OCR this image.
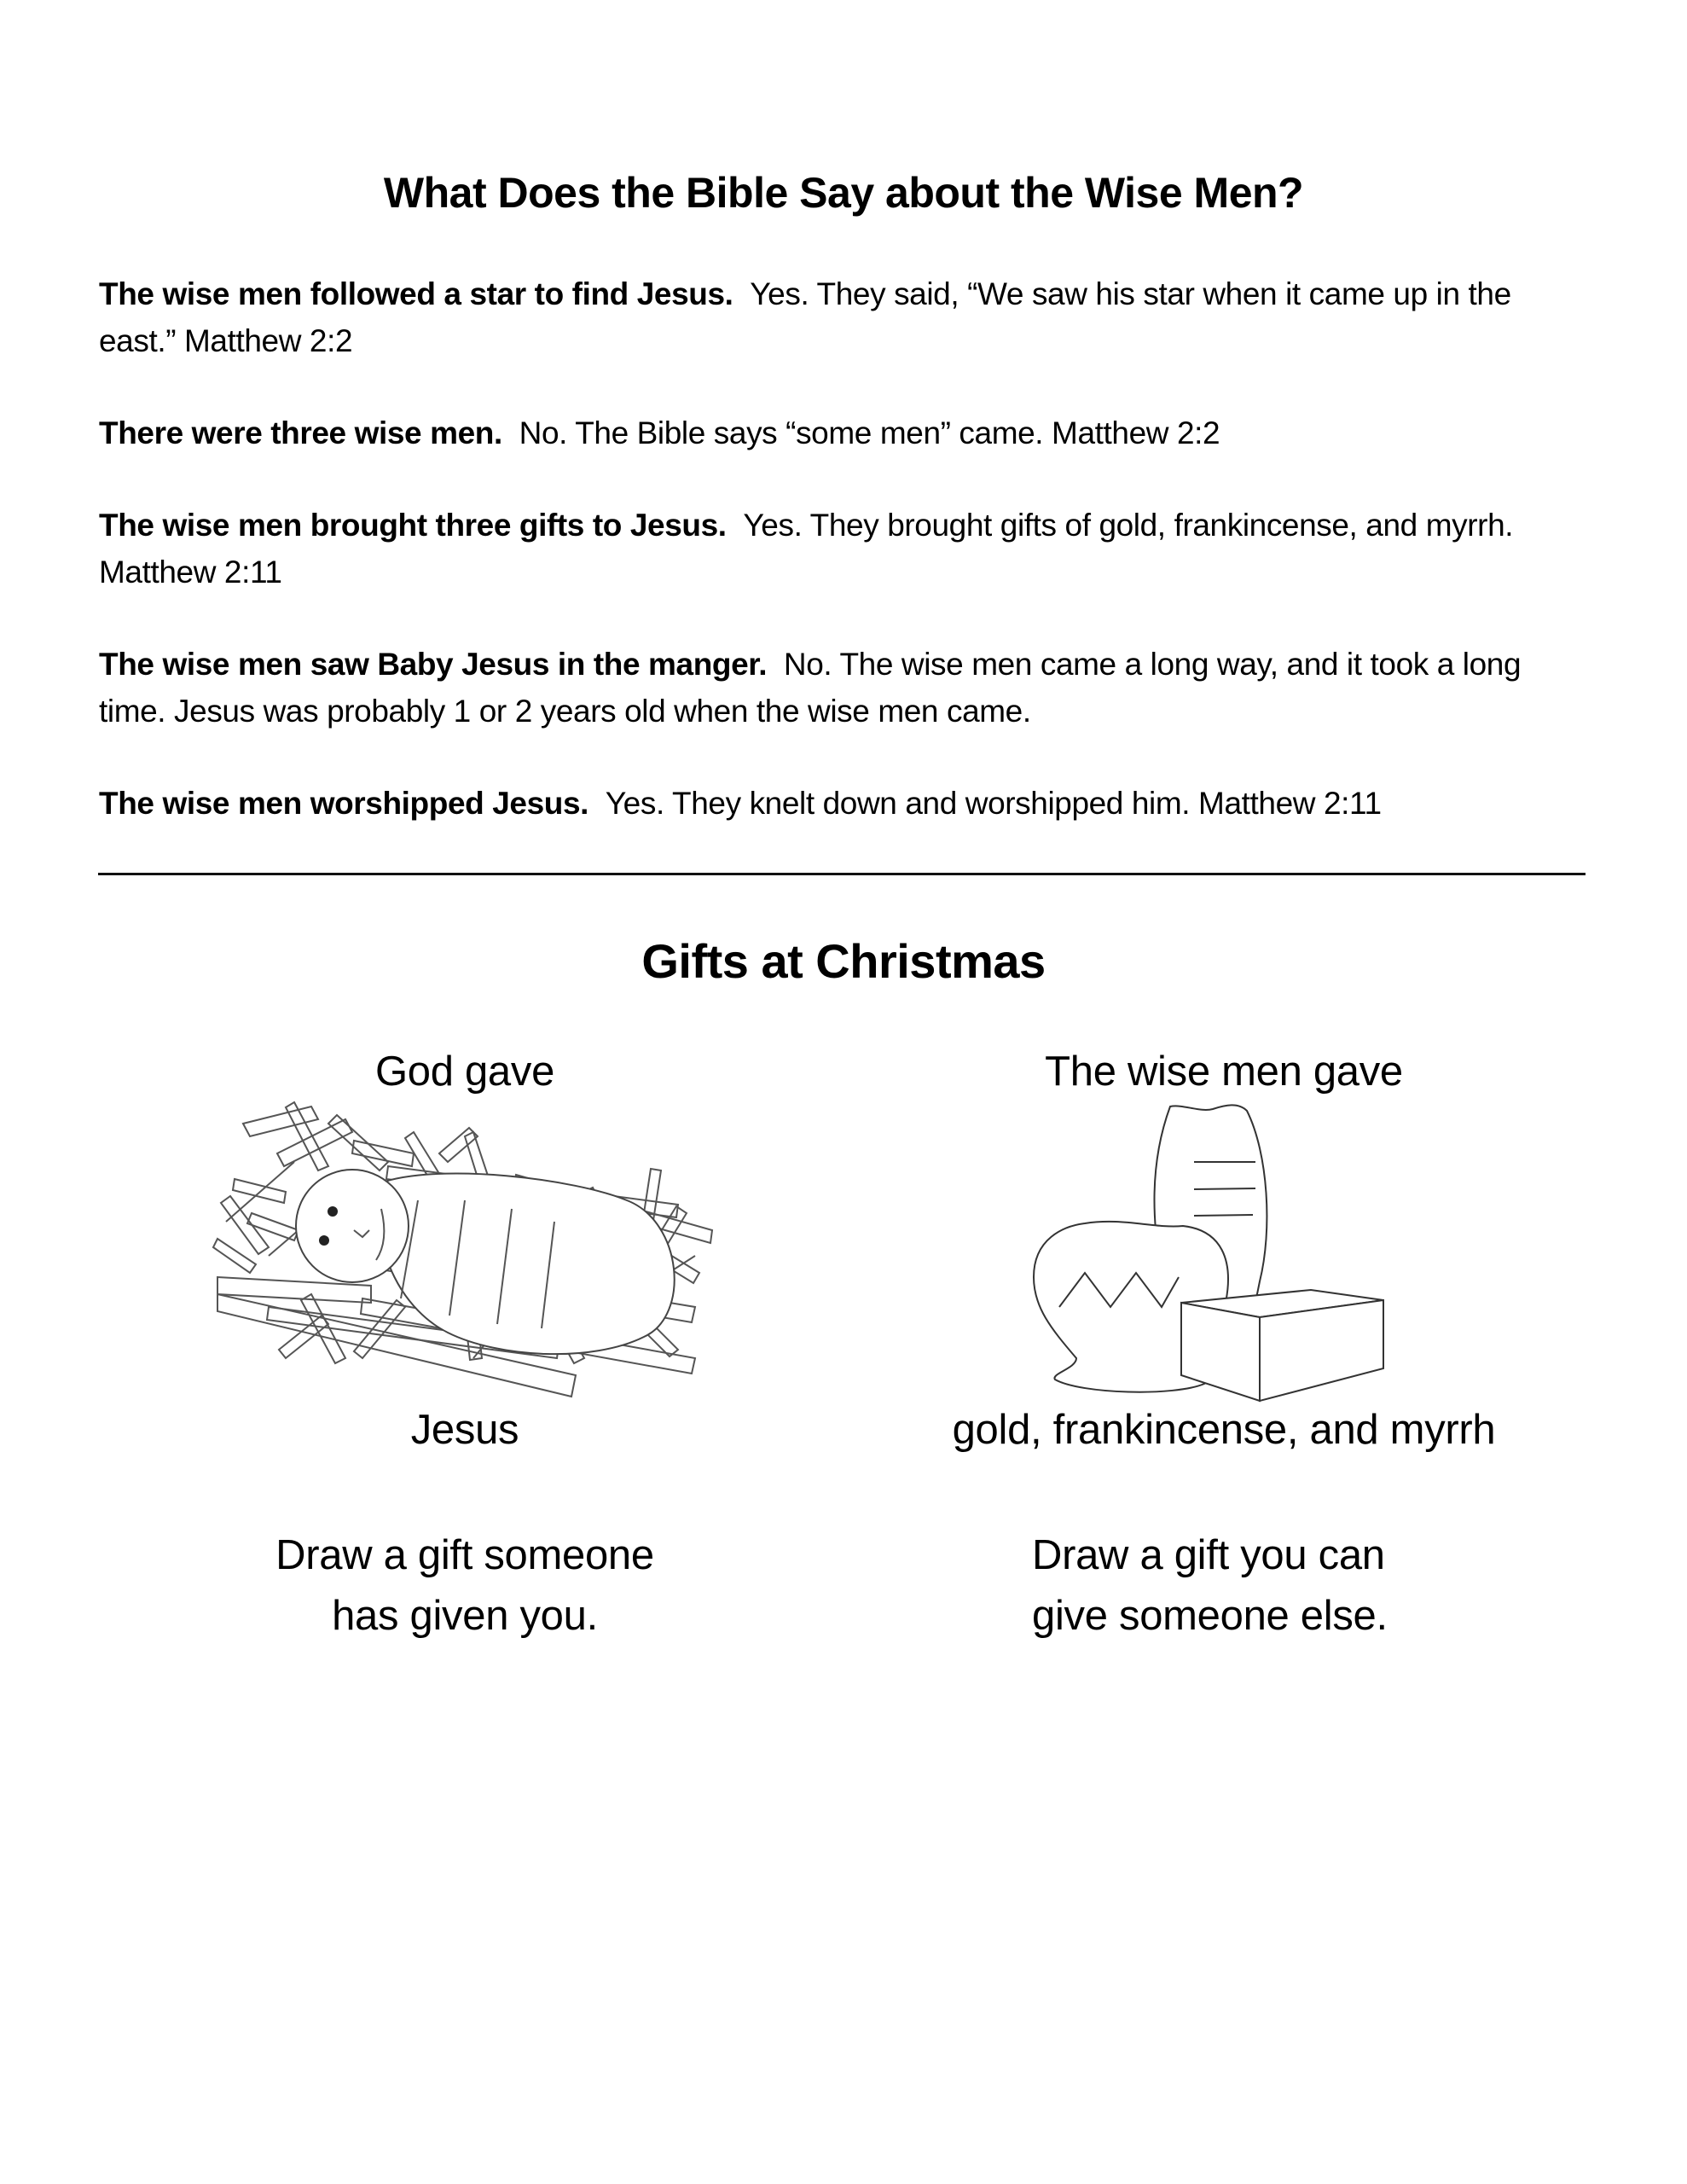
What Does the Bible Say about the Wise Men?

The wise men followed a star to find Jesus. Yes. They said, “We saw his star when it came up in the east.” Matthew 2:2

There were three wise men. No. The Bible says “some men” came. Matthew 2:2

The wise men brought three gifts to Jesus. Yes. They brought gifts of gold, frankincense, and myrrh. Matthew 2:11

The wise men saw Baby Jesus in the manger. No. The wise men came a long way, and it took a long time. Jesus was probably 1 or 2 years old when the wise men came.

The wise men worshipped Jesus. Yes. They knelt down and worshipped him. Matthew 2:11

Gifts at Christmas
God gave
Jesus
Draw a gift someone
has given you.
The wise men gave
gold, frankincense, and myrrh
Draw a gift you can
give someone else.
